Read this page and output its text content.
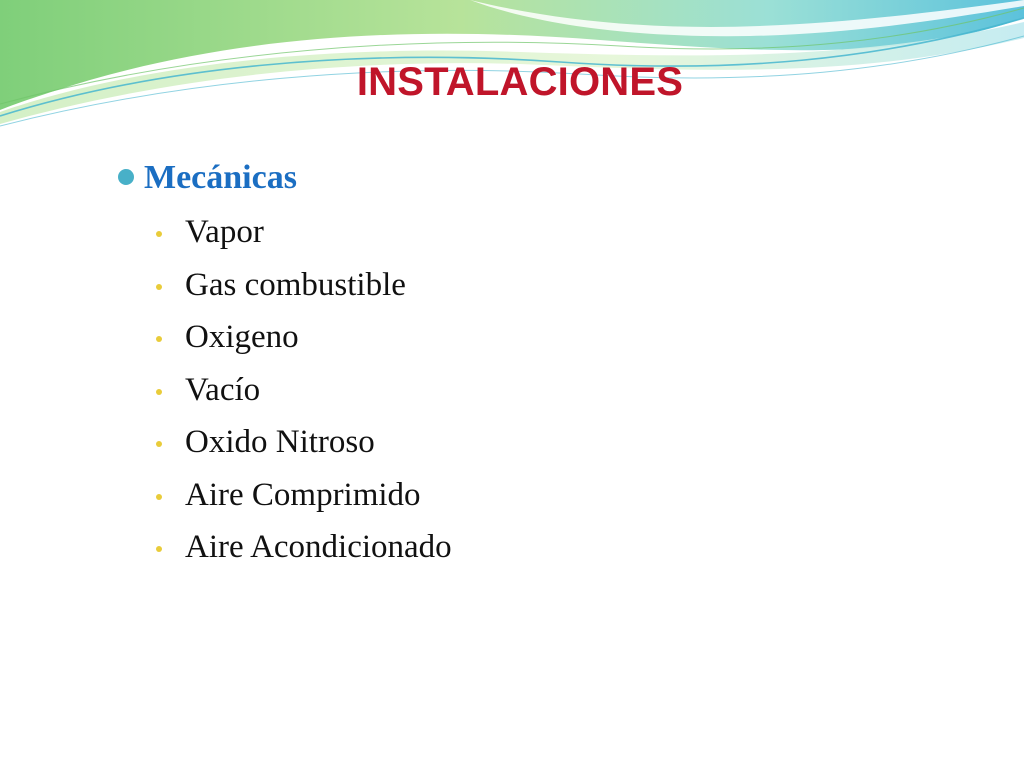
INSTALACIONES
Mecánicas
Vapor
Gas combustible
Oxigeno
Vacío
Oxido Nitroso
Aire Comprimido
Aire Acondicionado
